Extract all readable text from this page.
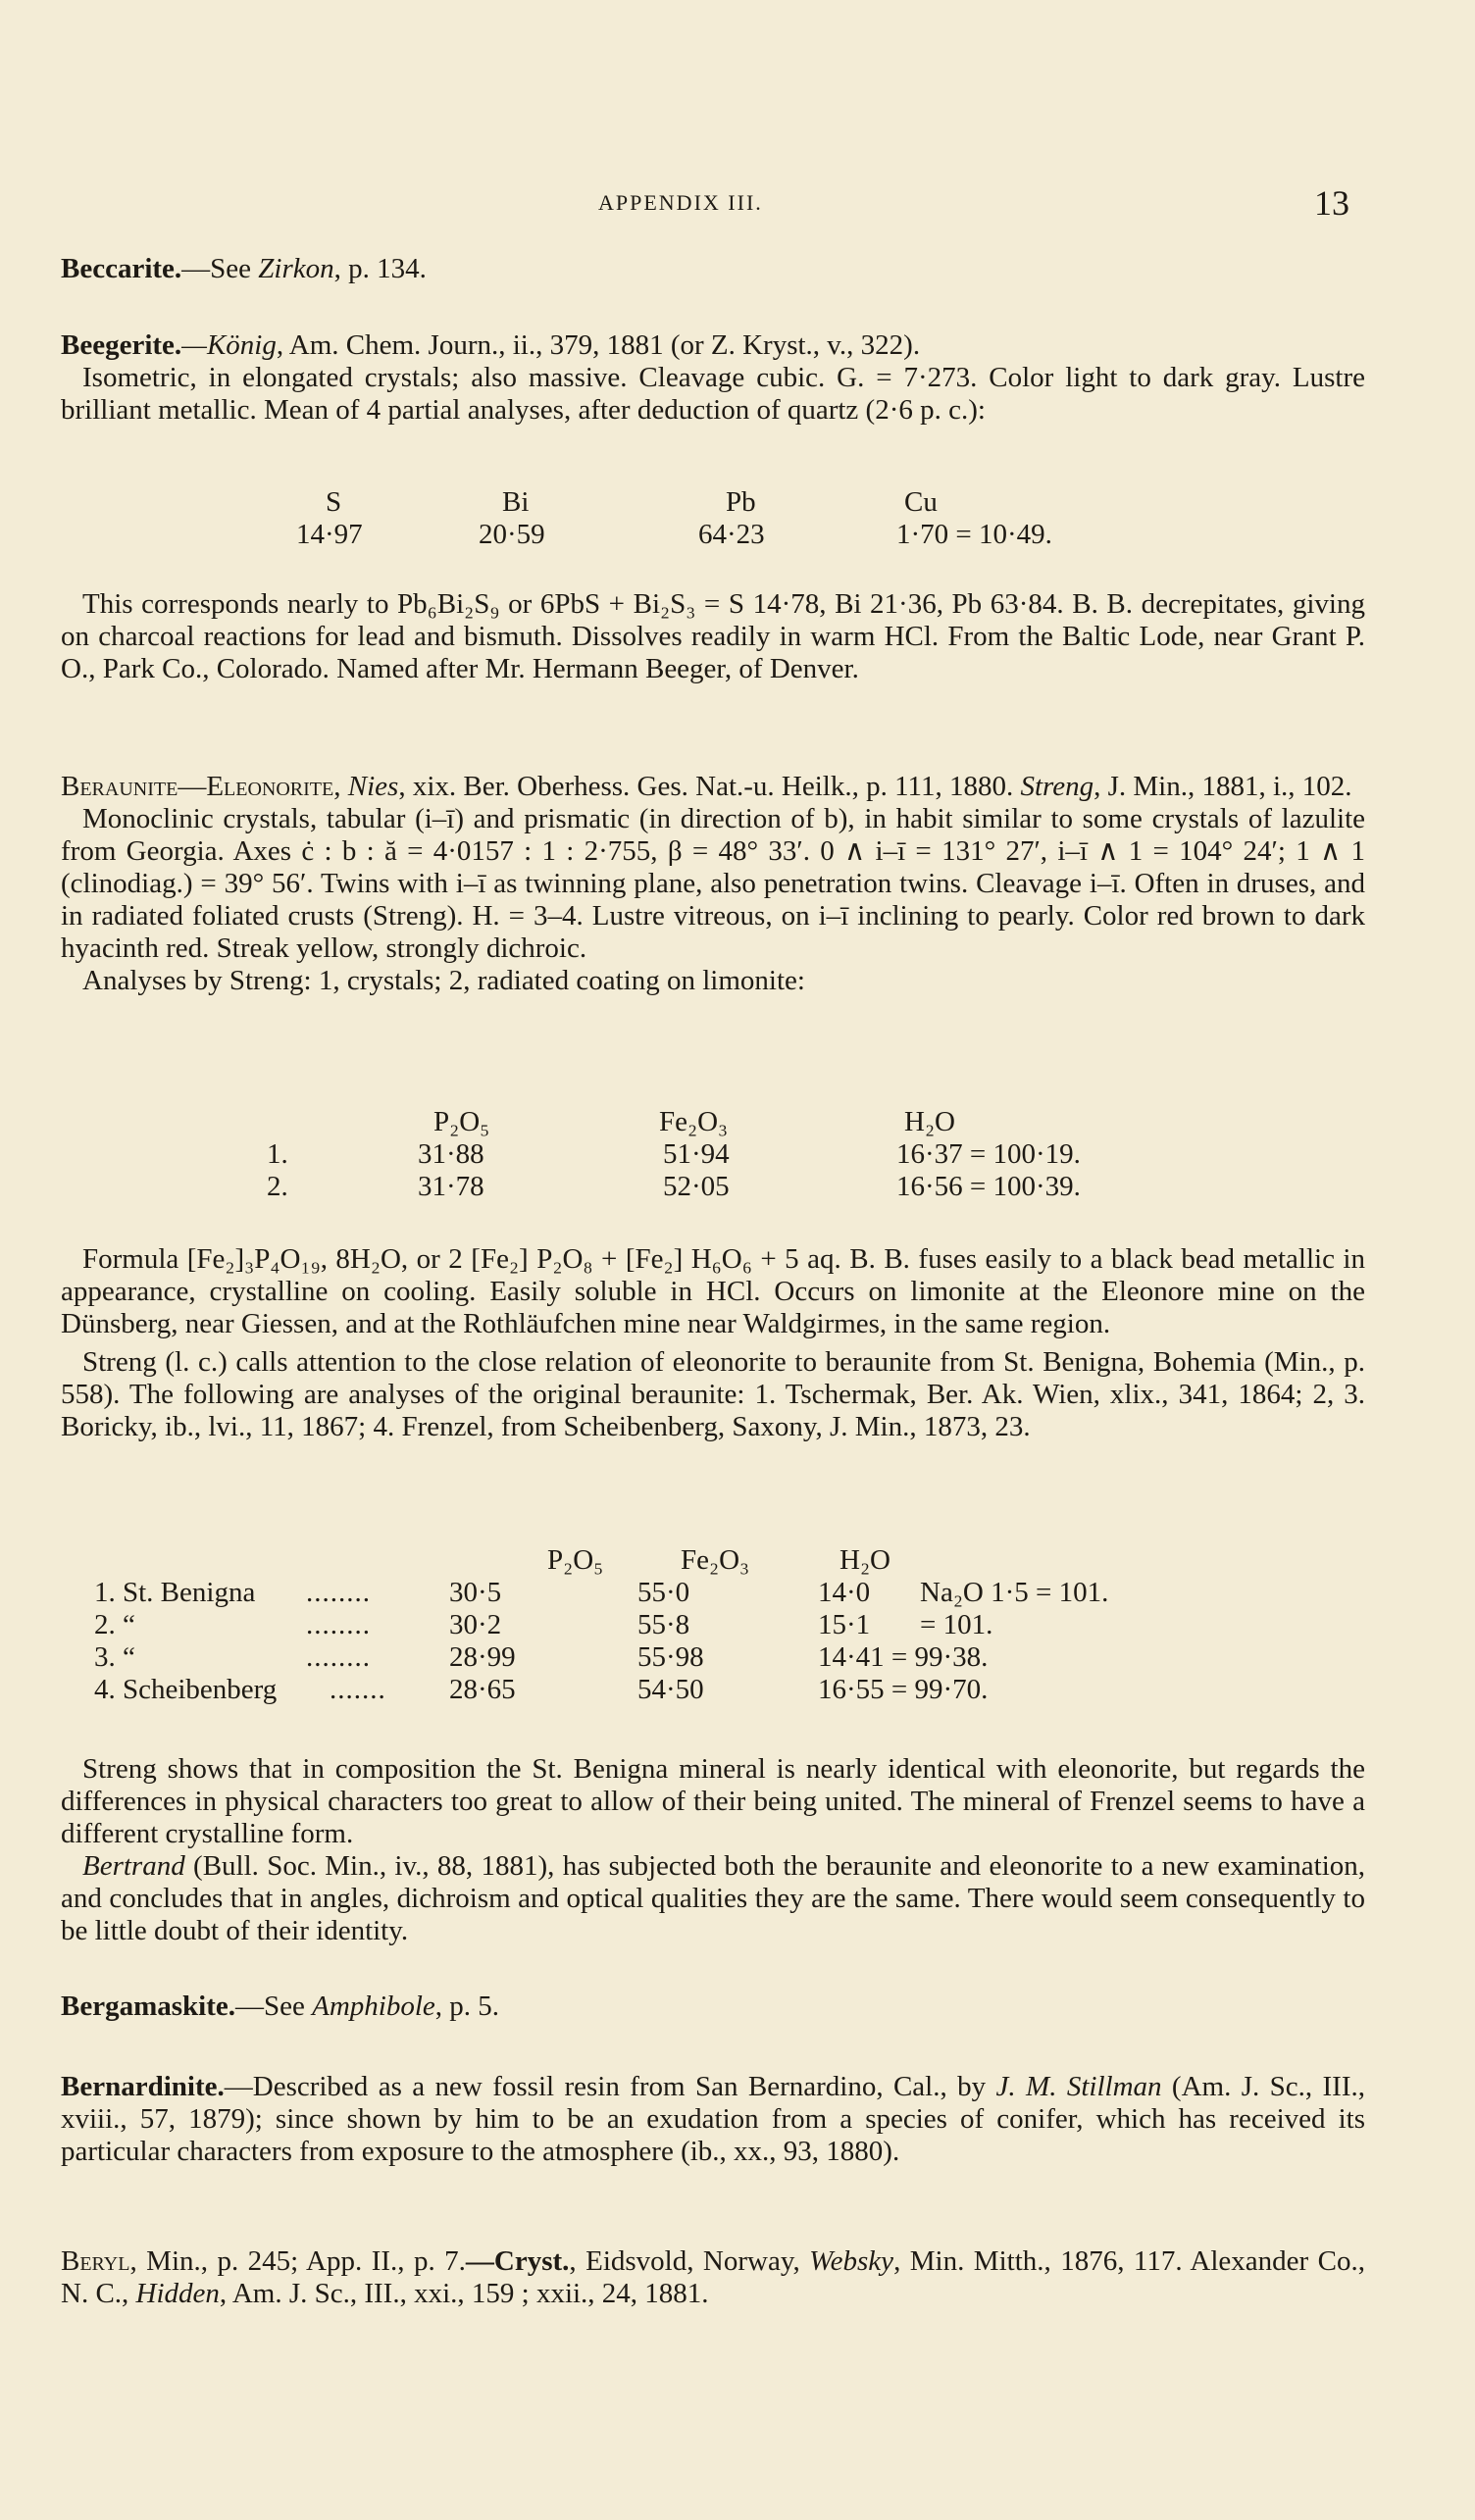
APPENDIX III.	13

Beccarite.—See Zirkon, p. 134.

Beegerite.—König, Am. Chem. Journ., ii., 379, 1881 (or Z. Kryst., v., 322).

Isometric, in elongated crystals; also massive. Cleavage cubic. G. = 7·273. Color light to dark gray. Lustre brilliant metallic. Mean of 4 partial analyses, after deduction of quartz (2·6 p. c.):

S	Bi	Pb	Cu
14·97	20·59	64·23	1·70 = 10·49.

This corresponds nearly to Pb₆Bi₂S₉ or 6PbS + Bi₂S₃ = S 14·78, Bi 21·36, Pb 63·84. B. B. decrepitates, giving on charcoal reactions for lead and bismuth. Dissolves readily in warm HCl. From the Baltic Lode, near Grant P. O., Park Co., Colorado. Named after Mr. Hermann Beeger, of Denver.

Beraunite—Eleonorite, Nies, xix. Ber. Oberhess. Ges. Nat.-u. Heilk., p. 111, 1880. Streng, J. Min., 1881, i., 102.

Monoclinic crystals, tabular (i–ī) and prismatic (in direction of b), in habit similar to some crystals of lazulite from Georgia. Axes ċ : b : ă = 4·0157 : 1 : 2·755, β = 48° 33′. 0 ∧ i–ī = 131° 27′, i–ī ∧ 1 = 104° 24′; 1 ∧ 1 (clinodiag.) = 39° 56′. Twins with i–ī as twinning plane, also penetration twins. Cleavage i–ī. Often in druses, and in radiated foliated crusts (Streng). H. = 3–4. Lustre vitreous, on i–ī inclining to pearly. Color red brown to dark hyacinth red. Streak yellow, strongly dichroic.

Analyses by Streng: 1, crystals; 2, radiated coating on limonite:

P₂O₅	Fe₂O₃	H₂O
1.	31·88	51·94	16·37 = 100·19.
2.	31·78	52·05	16·56 = 100·39.

Formula [Fe₂]₃P₄O₁₉, 8H₂O, or 2 [Fe₂] P₂O₈ + [Fe₂] H₆O₆ + 5 aq. B. B. fuses easily to a black bead metallic in appearance, crystalline on cooling. Easily soluble in HCl. Occurs on limonite at the Eleonore mine on the Dünsberg, near Giessen, and at the Rothläufchen mine near Waldgirmes, in the same region.

Streng (l. c.) calls attention to the close relation of eleonorite to beraunite from St. Benigna, Bohemia (Min., p. 558). The following are analyses of the original beraunite: 1. Tschermak, Ber. Ak. Wien, xlix., 341, 1864; 2, 3. Boricky, ib., lvi., 11, 1867; 4. Frenzel, from Scheibenberg, Saxony, J. Min., 1873, 23.

P₂O₅	Fe₂O₃	H₂O
1. St. Benigna ........	30·5	55·0	14·0 Na₂O 1·5 = 101.
2. “	........	30·2	55·8	15·1 = 101.
3. “	........	28·99	55·98	14·41 = 99·38.
4. Scheibenberg ....... 28·65	54·50	16·55 = 99·70.

Streng shows that in composition the St. Benigna mineral is nearly identical with eleonorite, but regards the differences in physical characters too great to allow of their being united. The mineral of Frenzel seems to have a different crystalline form.

Bertrand (Bull. Soc. Min., iv., 88, 1881), has subjected both the beraunite and eleonorite to a new examination, and concludes that in angles, dichroism and optical qualities they are the same. There would seem consequently to be little doubt of their identity.

Bergamaskite.—See Amphibole, p. 5.

Bernardinite.—Described as a new fossil resin from San Bernardino, Cal., by J. M. Stillman (Am. J. Sc., III., xviii., 57, 1879); since shown by him to be an exudation from a species of conifer, which has received its particular characters from exposure to the atmosphere (ib., xx., 93, 1880).

Beryl, Min., p. 245; App. II., p. 7.—Cryst., Eidsvold, Norway, Websky, Min. Mitth., 1876, 117. Alexander Co., N. C., Hidden, Am. J. Sc., III., xxi., 159 ; xxii., 24, 1881.
